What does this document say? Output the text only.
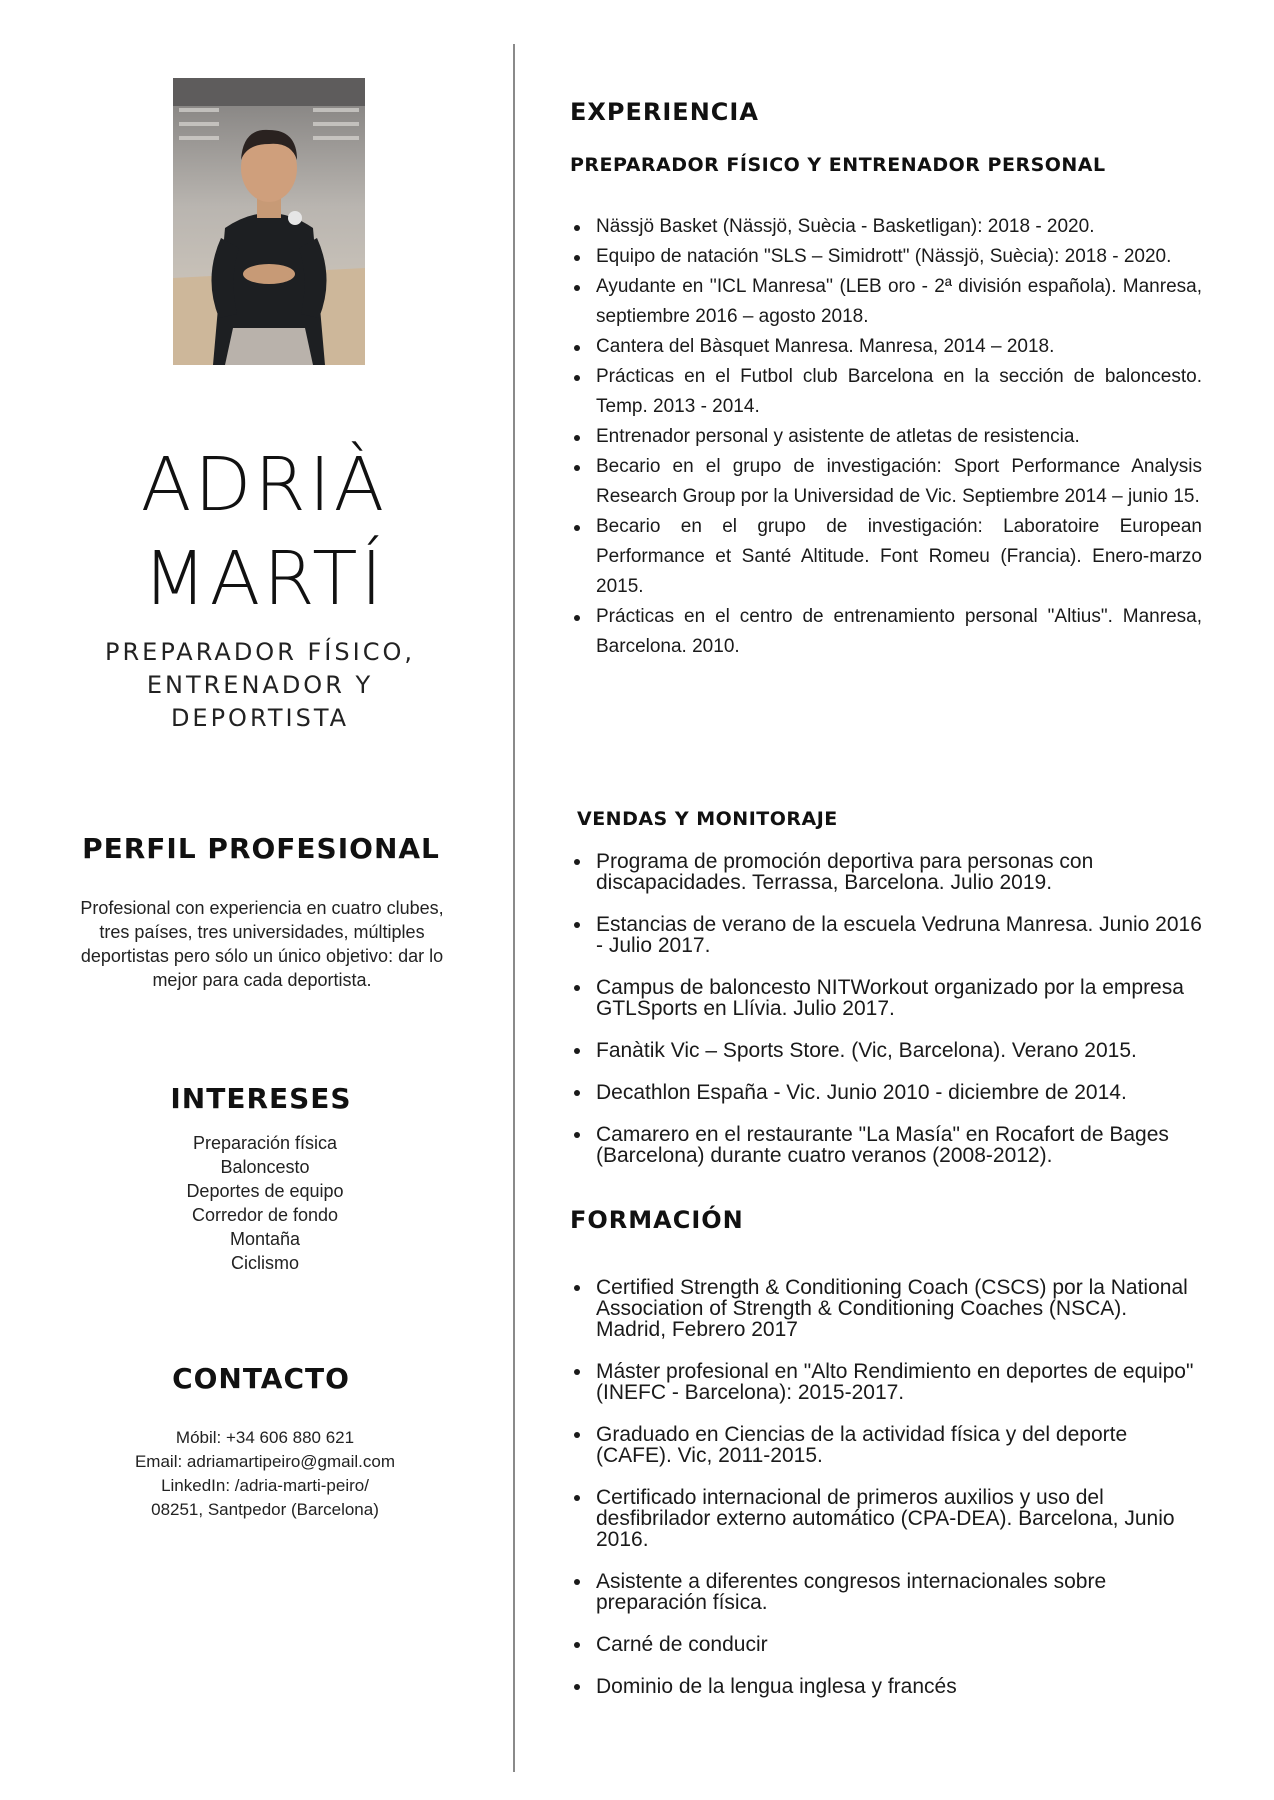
ADRIÀ
MARTÍ
PREPARADOR FÍSICO, ENTRENADOR Y DEPORTISTA
PERFIL PROFESIONAL
Profesional con experiencia en cuatro clubes, tres países, tres universidades, múltiples deportistas pero sólo un único objetivo: dar lo mejor para cada deportista.
INTERESES
Preparación física
Baloncesto
Deportes de equipo
Corredor de fondo
Montaña
Ciclismo
CONTACTO
Móbil: +34 606 880 621
Email: adriamartipeiro@gmail.com
LinkedIn: /adria-marti-peiro/
08251, Santpedor (Barcelona)
EXPERIENCIA
PREPARADOR FÍSICO Y ENTRENADOR PERSONAL
Nässjö Basket (Nässjö, Suècia - Basketligan): 2018 - 2020.
Equipo de natación "SLS – Simidrott" (Nässjö, Suècia): 2018 - 2020.
Ayudante en ''ICL Manresa'' (LEB oro - 2ª división española). Manresa, septiembre 2016 – agosto 2018.
Cantera del Bàsquet Manresa. Manresa, 2014 – 2018.
Prácticas en el Futbol club Barcelona en la sección de baloncesto. Temp. 2013 - 2014.
Entrenador personal y asistente de atletas de resistencia.
Becario en el grupo de investigación: Sport Performance Analysis Research Group por la Universidad de Vic. Septiembre 2014 – junio 15.
Becario en el grupo de investigación: Laboratoire European Performance et Santé Altitude. Font Romeu (Francia). Enero-marzo 2015.
Prácticas en el centro de entrenamiento personal "Altius". Manresa, Barcelona. 2010.
VENDAS Y MONITORAJE
Programa de promoción deportiva para personas con discapacidades. Terrassa, Barcelona. Julio 2019.
Estancias de verano de la escuela Vedruna Manresa. Junio 2016 - Julio 2017.
Campus de baloncesto NITWorkout organizado por la empresa GTLSports en Llívia. Julio 2017.
Fanàtik Vic – Sports Store. (Vic, Barcelona). Verano 2015.
Decathlon España - Vic. Junio 2010 - diciembre de 2014.
Camarero en el restaurante "La Masía" en Rocafort de Bages (Barcelona) durante cuatro veranos (2008-2012).
FORMACIÓN
Certified Strength & Conditioning Coach (CSCS) por la National Association of Strength & Conditioning Coaches (NSCA). Madrid, Febrero 2017
Máster profesional en "Alto Rendimiento en deportes de equipo" (INEFC - Barcelona): 2015-2017.
Graduado en Ciencias de la actividad física y del deporte (CAFE). Vic, 2011-2015.
Certificado internacional de primeros auxilios y uso del desfibrilador externo automático (CPA-DEA). Barcelona, Junio 2016.
Asistente a diferentes congresos internacionales sobre preparación física.
Carné de conducir
Dominio de la lengua inglesa y francés
